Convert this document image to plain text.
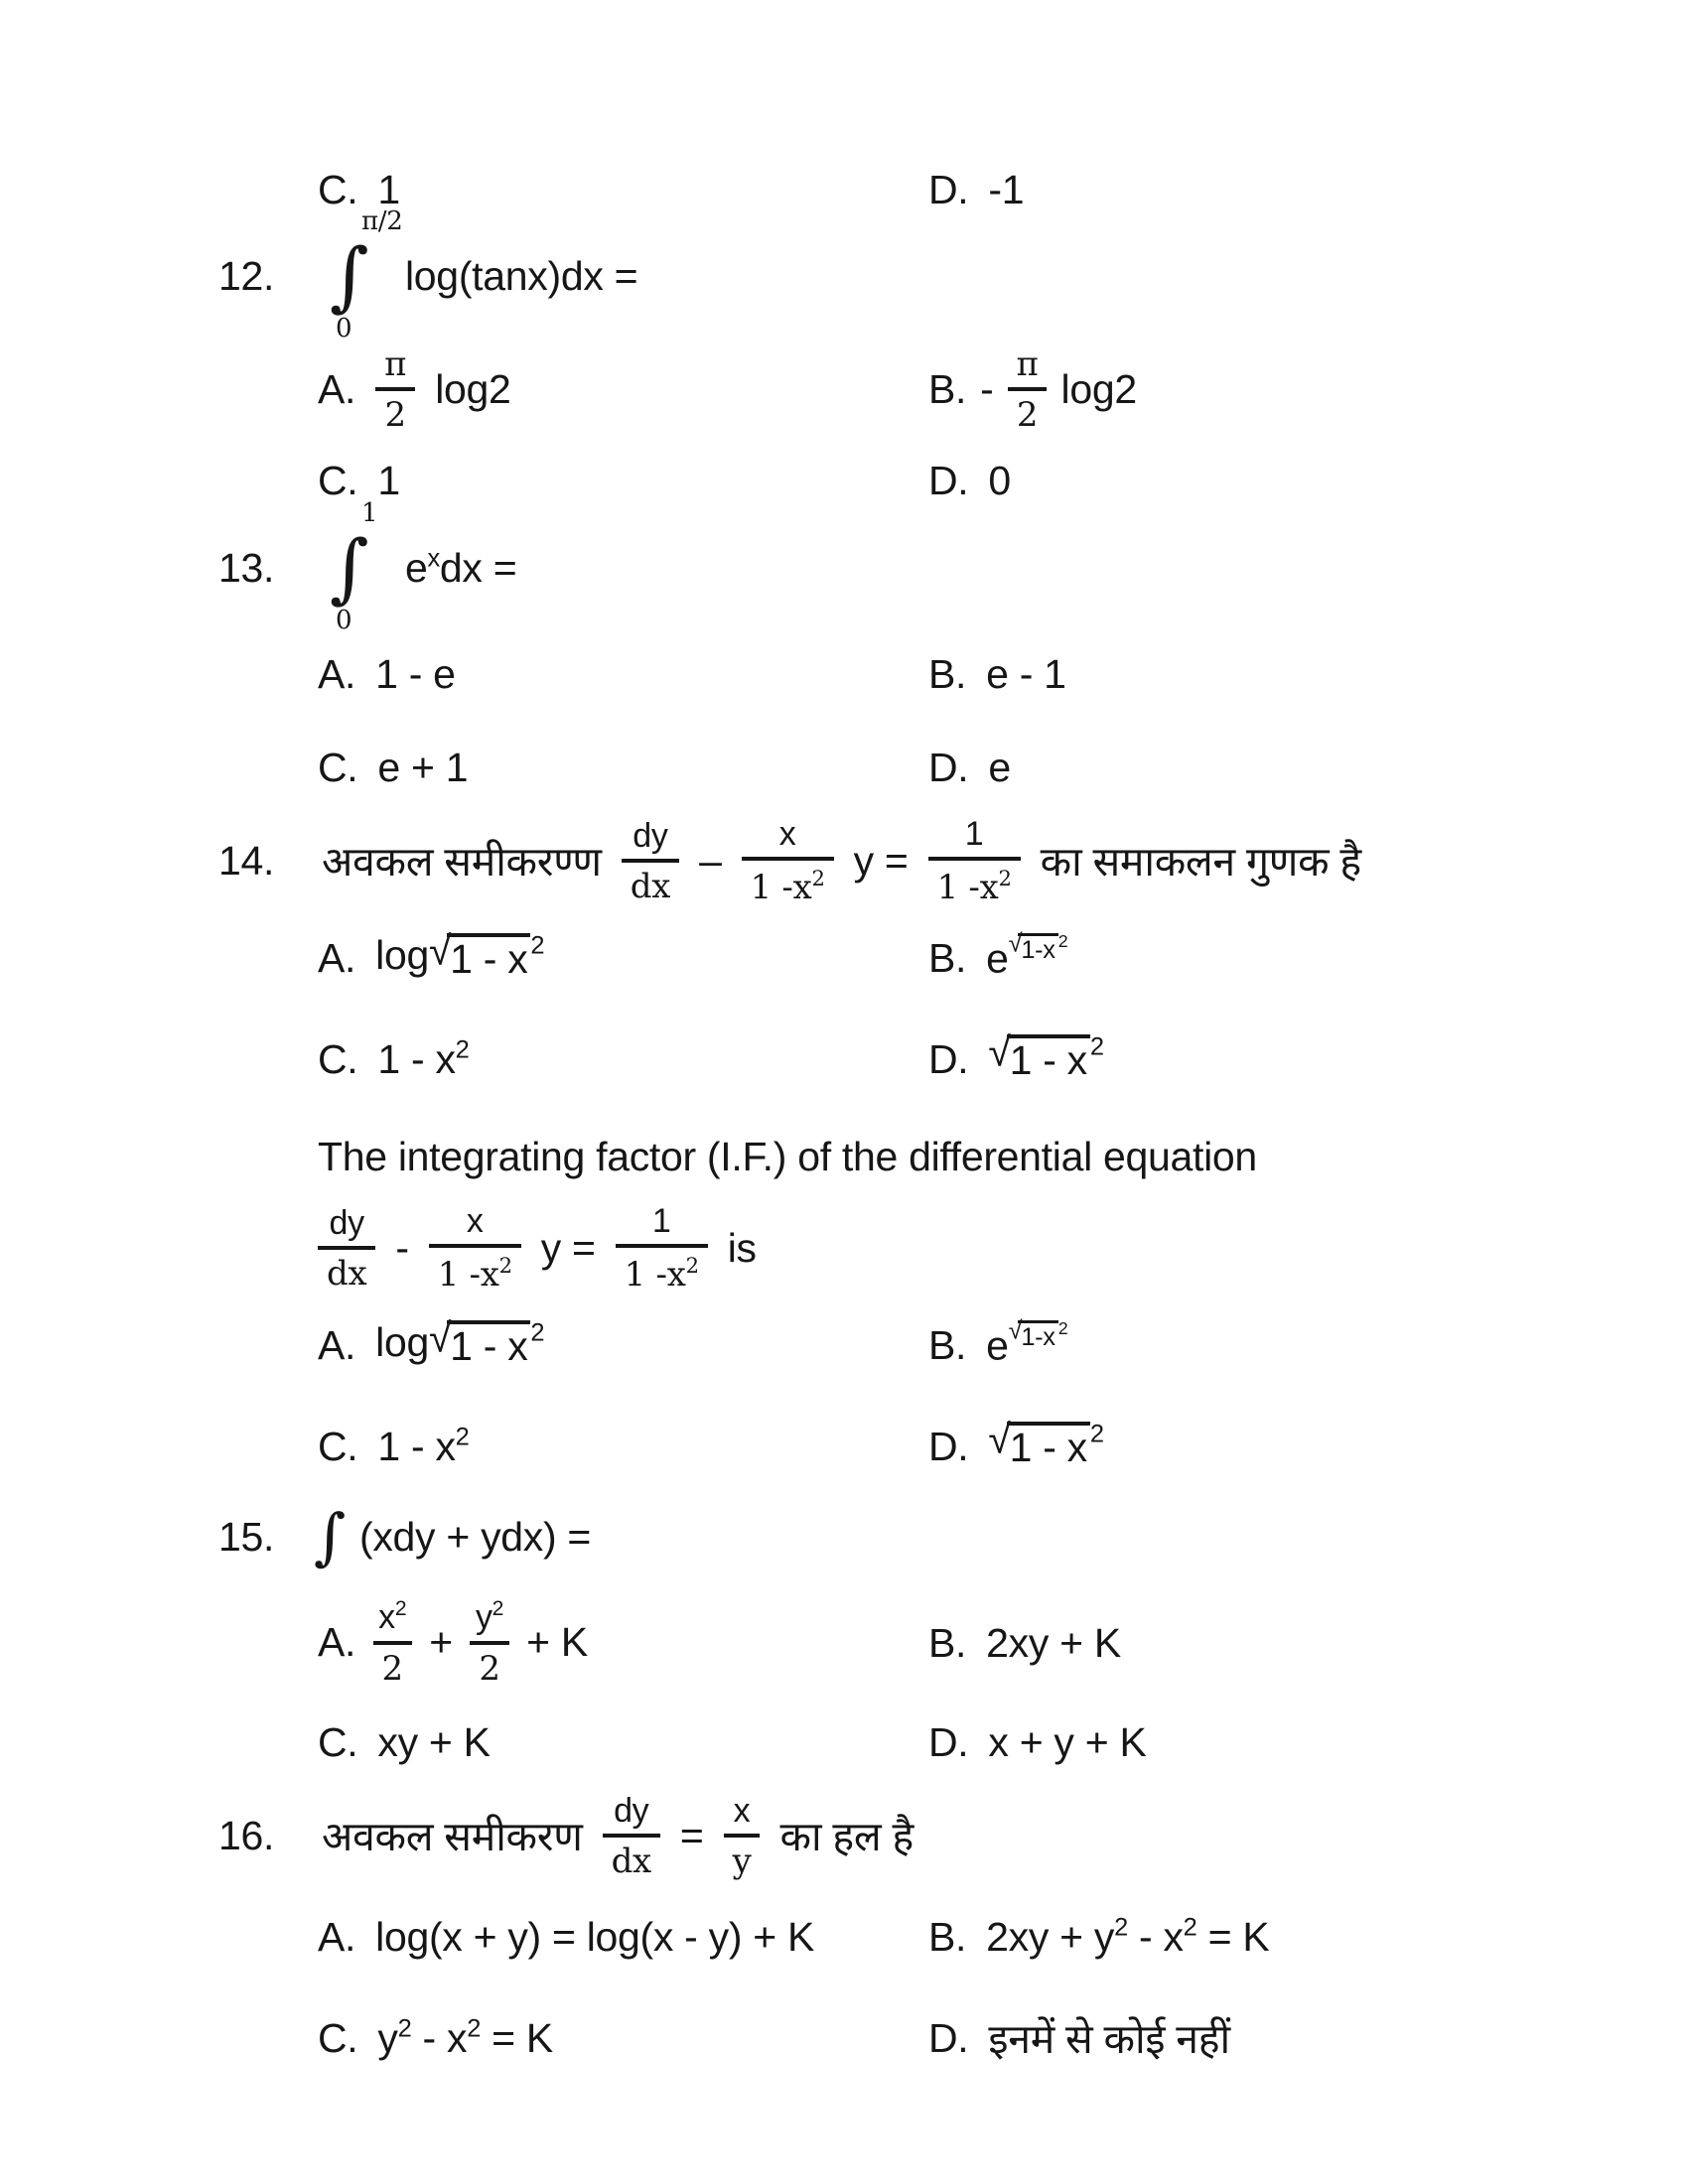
C. 1	D. -1
12.
π/2
∫
0
log(tanx)dx =
A. $\frac{\pi}{2} \log 2$	B. - $\frac{\pi}{2} \log 2$
C. 1	D. 0
13.
1
∫
0
$e^xdx$ =
A. 1 - e	B. e - 1
C. e + 1	D. e
14.	अवकल समीकरण्ण $\frac{dy}{dx} - \frac{x}{1 -x^2}$ $y = \frac{1}{1 -x^2}$ का समाकलन गुणक है
A. log √ 1 - x $^2$	B. e $^{√ 1-x ^2}$
C. $1 - x^2$	D. √ 1 - x $^2$
The integrating factor (I.F.) of the differential equation
$\frac{dy}{dx} - \frac{x}{1 -x^2}$ $y = \frac{1}{1 -x^2}$ is
A. log √ 1 - x $^2$	B. e $^{√ 1-x ^2}$
C. $1 - x^2$	D. √ 1 - x $^2$
15. ∫ (xdy + ydx) =
A. $\frac{x^2}{2} + \frac{y^2}{2} + K$	B. 2xy + K
C. xy + K	D. x + y + K
16.	अवकल समीकरण $\frac{dy}{dx} = \frac{x}{y}$ का हल है
A. log(x + y) = log(x - y) + K	B. $2xy + y^2 - x^2 = K$
C. $y^2 - x^2 = K$	D. इनमें से कोई नहीं
